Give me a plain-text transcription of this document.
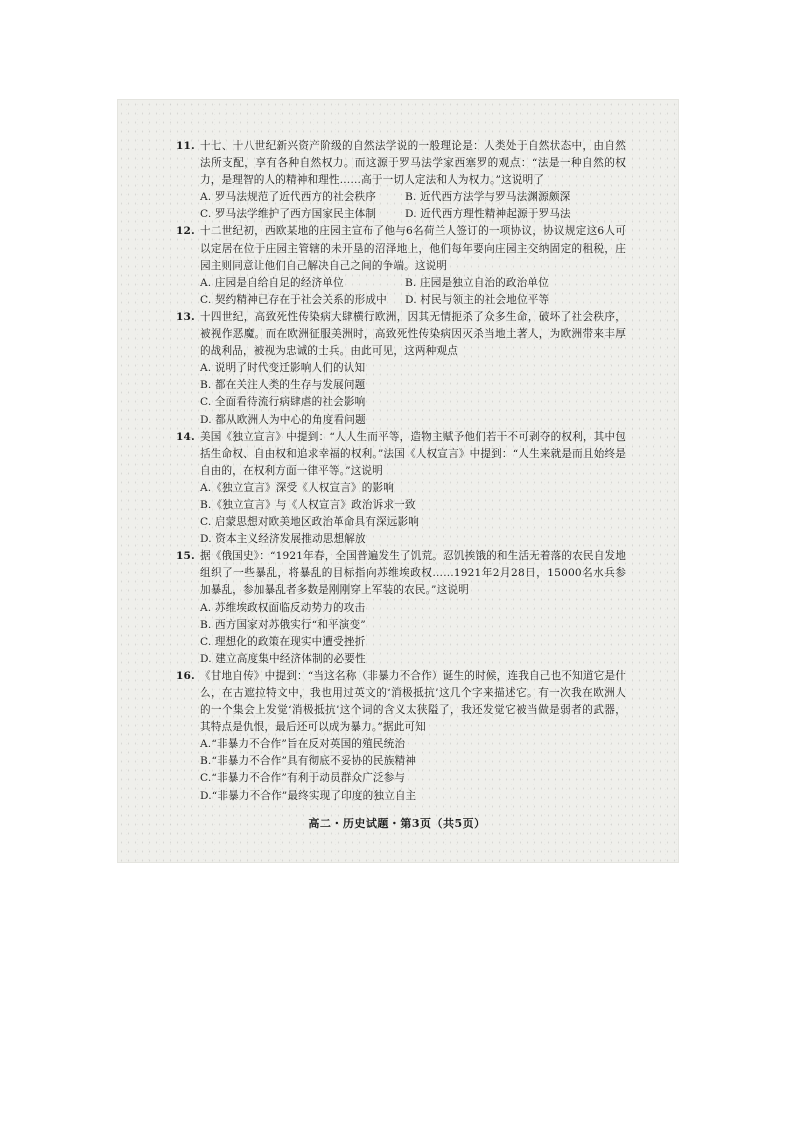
11. 十七、十八世纪新兴资产阶级的自然法学说的一般理论是：人类处于自然状态中，由自然法所支配，享有各种自然权力。而这源于罗马法学家西塞罗的观点：“法是一种自然的权力，是理智的人的精神和理性……高于一切人定法和人为权力。”这说明了
A. 罗马法规范了近代西方的社会秩序	B. 近代西方法学与罗马法渊源颇深
C. 罗马法学维护了西方国家民主体制	D. 近代西方理性精神起源于罗马法
12. 十二世纪初，西欧某地的庄园主宣布了他与6名荷兰人签订的一项协议，协议规定这6人可以定居在位于庄园主管辖的未开垦的沼泽地上，他们每年要向庄园主交纳固定的租税，庄园主则同意让他们自己解决自己之间的争端。这说明
A. 庄园是自给自足的经济单位	B. 庄园是独立自治的政治单位
C. 契约精神已存在于社会关系的形成中	D. 村民与领主的社会地位平等
13. 十四世纪，高致死性传染病大肆横行欧洲，因其无情扼杀了众多生命，破坏了社会秩序，被视作恶魔。而在欧洲征服美洲时，高致死性传染病因灭杀当地土著人，为欧洲带来丰厚的战利品，被视为忠诚的士兵。由此可见，这两种观点
A. 说明了时代变迁影响人们的认知
B. 都在关注人类的生存与发展问题
C. 全面看待流行病肆虐的社会影响
D. 都从欧洲人为中心的角度看问题
14. 美国《独立宣言》中提到：“人人生而平等，造物主赋予他们若干不可剥夺的权利，其中包括生命权、自由权和追求幸福的权利。”法国《人权宣言》中提到：“人生来就是而且始终是自由的，在权利方面一律平等。”这说明
A.《独立宣言》深受《人权宣言》的影响
B.《独立宣言》与《人权宣言》政治诉求一致
C. 启蒙思想对欧美地区政治革命具有深远影响
D. 资本主义经济发展推动思想解放
15. 据《俄国史》：“1921年春，全国普遍发生了饥荒。忍饥挨饿的和生活无着落的农民自发地组织了一些暴乱，将暴乱的目标指向苏维埃政权……1921年2月28日，15000名水兵参加暴乱，参加暴乱者多数是刚刚穿上军装的农民。”这说明
A. 苏维埃政权面临反动势力的攻击
B. 西方国家对苏俄实行“和平演变”
C. 理想化的政策在现实中遭受挫折
D. 建立高度集中经济体制的必要性
16. 《甘地自传》中提到：“当这名称（非暴力不合作）诞生的时候，连我自己也不知道它是什么，在古遮拉特文中，我也用过英文的‘消极抵抗’这几个字来描述它。有一次我在欧洲人的一个集会上发觉‘消极抵抗’这个词的含义太狭隘了，我还发觉它被当做是弱者的武器，其特点是仇恨，最后还可以成为暴力。”据此可知
A.“非暴力不合作”旨在反对英国的殖民统治
B.“非暴力不合作”具有彻底不妥协的民族精神
C.“非暴力不合作”有利于动员群众广泛参与
D.“非暴力不合作”最终实现了印度的独立自主
高二・历史试题・第3页（共5页）
